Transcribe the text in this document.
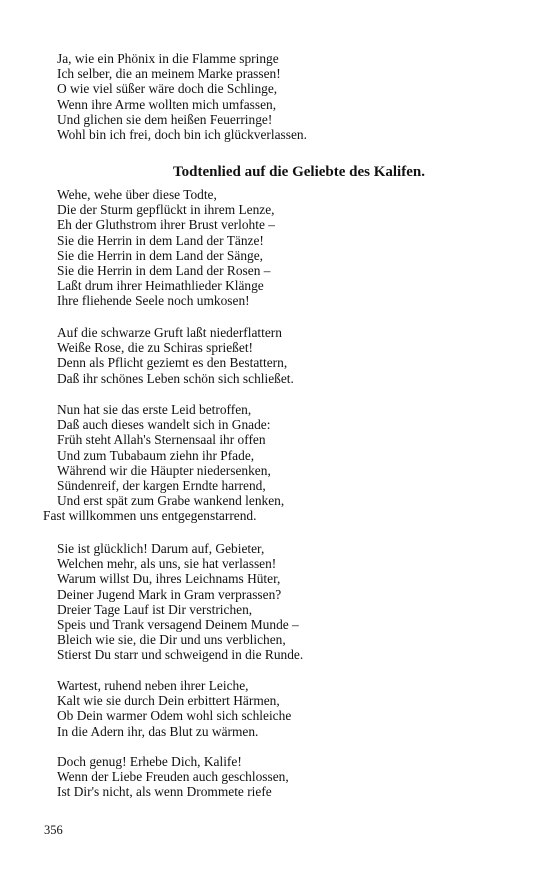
Ja, wie ein Phönix in die Flamme springe
Ich selber, die an meinem Marke prassen!
O wie viel süßer wäre doch die Schlinge,
Wenn ihre Arme wollten mich umfassen,
Und glichen sie dem heißen Feuerringe!
Wohl bin ich frei, doch bin ich glückverlassen.
Todtenlied auf die Geliebte des Kalifen.
Wehe, wehe über diese Todte,
Die der Sturm gepflückt in ihrem Lenze,
Eh der Gluthstrom ihrer Brust verlohte –
Sie die Herrin in dem Land der Tänze!
Sie die Herrin in dem Land der Sänge,
Sie die Herrin in dem Land der Rosen –
Laßt drum ihrer Heimathlieder Klänge
Ihre fliehende Seele noch umkosen!
Auf die schwarze Gruft laßt niederflattern
Weiße Rose, die zu Schiras sprießet!
Denn als Pflicht geziemt es den Bestattern,
Daß ihr schönes Leben schön sich schließet.
Nun hat sie das erste Leid betroffen,
Daß auch dieses wandelt sich in Gnade:
Früh steht Allah's Sternensaal ihr offen
Und zum Tubabaum ziehn ihr Pfade,
Während wir die Häupter niedersenken,
Sündenreif, der kargen Erndte harrend,
Und erst spät zum Grabe wankend lenken,
Fast willkommen uns entgegenstarrend.
Sie ist glücklich! Darum auf, Gebieter,
Welchen mehr, als uns, sie hat verlassen!
Warum willst Du, ihres Leichnams Hüter,
Deiner Jugend Mark in Gram verprassen?
Dreier Tage Lauf ist Dir verstrichen,
Speis und Trank versagend Deinem Munde –
Bleich wie sie, die Dir und uns verblichen,
Stierst Du starr und schweigend in die Runde.
Wartest, ruhend neben ihrer Leiche,
Kalt wie sie durch Dein erbittert Härmen,
Ob Dein warmer Odem wohl sich schleiche
In die Adern ihr, das Blut zu wärmen.
Doch genug! Erhebe Dich, Kalife!
Wenn der Liebe Freuden auch geschlossen,
Ist Dir's nicht, als wenn Drommete riefe
356
